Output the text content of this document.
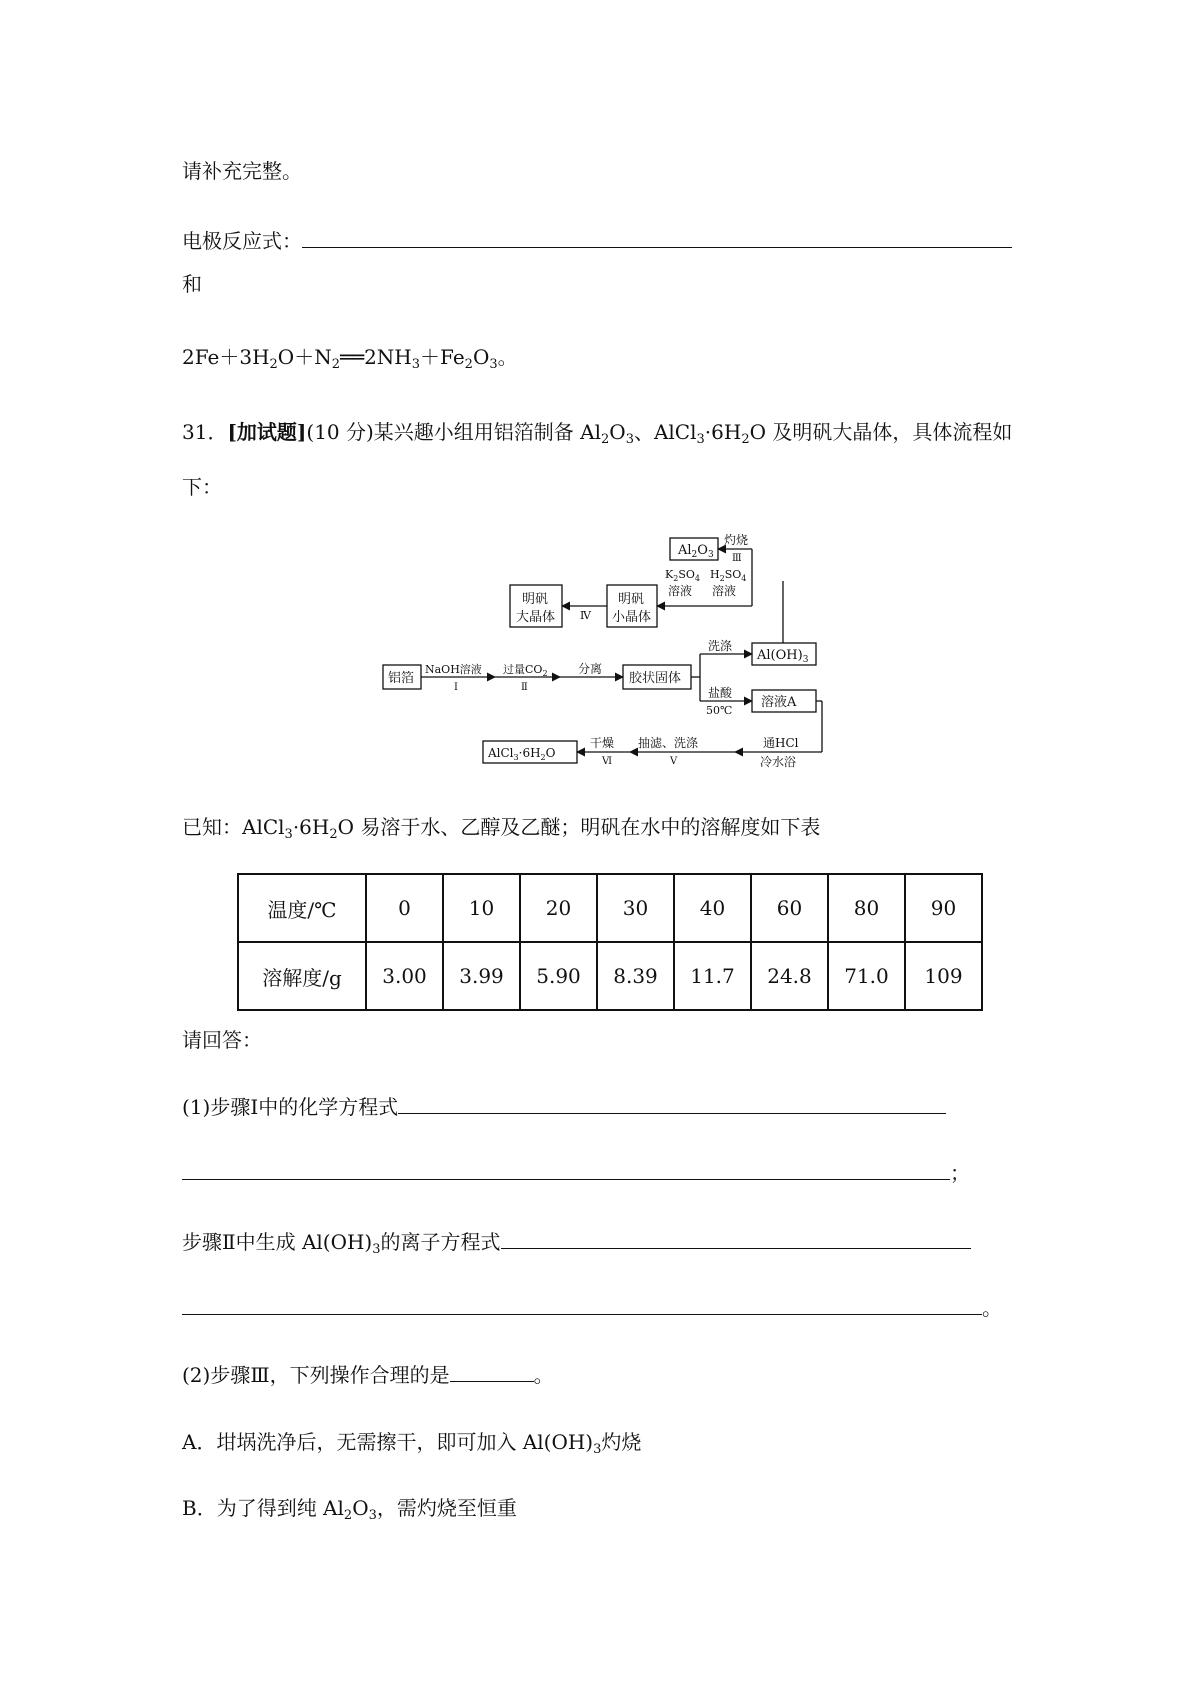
请补充完整。
电极反应式：
和
$2Fe+3H_2O+N_2══2NH_3+Fe_2O_3$。
31．[加试题](10 分)某兴趣小组用铝箔制备 $Al_2O_3$、$AlCl_3\cdot 6H_2O$ 及明矾大晶体，具体流程如
下：
$Al_2O_3$
灼烧
Ⅲ
$K_2SO_4$ $H_2SO_4$
溶液 溶液
明矾
大晶体
明矾
小晶体
Ⅳ
铝箔
NaOH溶液
Ⅰ
过量$CO_2$
Ⅱ
分离
胶状固体
洗涤
$Al(OH)_3$
盐酸
50℃
溶液A
通HCl
冷水浴
抽滤、洗涤
Ⅴ
干燥
Ⅵ
$AlCl_3\cdot 6H_2O$
已知：$AlCl_3\cdot 6H_2O$ 易溶于水、乙醇及乙醚；明矾在水中的溶解度如下表
温度/℃	0	10	20	30	40	60	80	90
溶解度/g	3.00	3.99	5.90	8.39	11.7	24.8	71.0	109
请回答：
(1)步骤Ⅰ中的化学方程式
；
步骤Ⅱ中生成 $Al(OH)_3$的离子方程式
。
(2)步骤Ⅲ，下列操作合理的是	。
A．坩埚洗净后，无需擦干，即可加入 $Al(OH)_3$灼烧
B．为了得到纯 $Al_2O_3$，需灼烧至恒重
